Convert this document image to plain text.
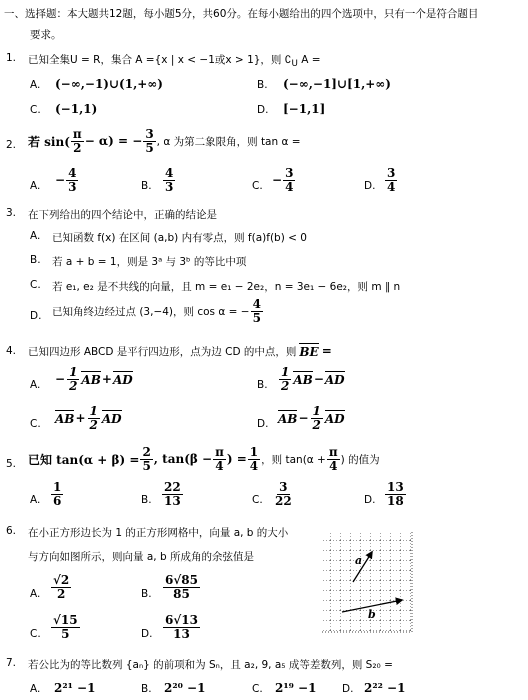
一、选择题：本大题共12题，每小题5分，共60分。在每小题给出的四个选项中，只有一个是符合题目
要求。
1. 已知全集U = R，集合 A ={x | x < −1或x > 1}，则 $∁_U$ A =
A. (−∞,−1)∪(1,+∞)	B. (−∞,−1]∪[1,+∞)
C. (−1,1)	D. [−1,1]
2. 若 $\sin( \frac{\pi}{2} - \alpha)$ = − $\frac{3}{5}$ , α 为第二象限角，则 tan α =
A. − $\frac{4}{3}$	B. $\frac{4}{3}$	C. − $\frac{3}{4}$	D. $\frac{3}{4}$
3. 在下列给出的四个结论中，正确的结论是
A. 已知函数 f(x) 在区间 (a,b) 内有零点，则 f(a)f(b) < 0
B. 若 a + b = 1，则是 3ᵃ 与 3ᵇ 的等比中项
C. 若 e₁, e₂ 是不共线的向量，且 m = e₁ − 2e₂，n = 3e₁ − 6e₂，则 m ∥ n
D. 已知角终边经过点 (3,−4)，则 cos α = − $\frac{4}{5}$
4. 已知四边形 ABCD 是平行四边形，点为边 CD 的中点，则 BE =
A. − $\frac{1}{2}$ AB + AD	B. $\frac{1}{2}$ AB − AD
C. AB + $\frac{1}{2}$ AD	D. AB − $\frac{1}{2}$ AD
5. 已知 $\tan(\alpha + \beta) = \frac{2}{5}$ , $\tan(\beta - \frac{\pi}{4}$ ) = $\frac{1}{4}$ ，则 $\tan(\alpha + \frac{\pi}{4}$ ) 的值为
A. $\frac{1}{6}$	B. $\frac{22}{13}$	C. $\frac{3}{22}$	D. $\frac{13}{18}$
6. 在小正方形边长为 1 的正方形网格中，向量 a, b 的大小
与方向如图所示，则向量 a, b 所成角的余弦值是
A. $\frac{√2}{2}$	B. $\frac{6√85}{85}$
C. $\frac{√15}{5}$	D. $\frac{6√13}{13}$
a
b
7. 若公比为的等比数列 {aₙ} 的前项和为 Sₙ，且 a₂, 9, a₅ 成等差数列，则 S₂₀ =
A. 2²¹ −1	B. 2²⁰ −1	C. 2¹⁹ −1 D. 2²² −1
